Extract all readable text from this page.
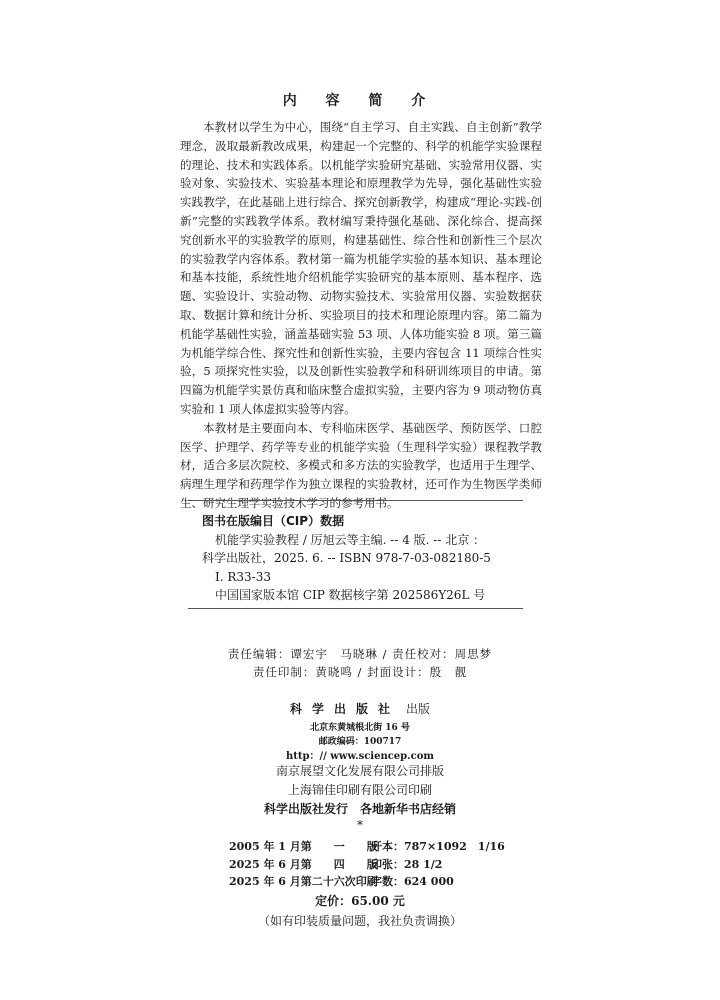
内 容 简 介

本教材以学生为中心，围绕“自主学习、自主实践、自主创新”教学理念，汲取最新教改成果，构建起一个完整的、科学的机能学实验课程的理论、技术和实践体系。以机能学实验研究基础、实验常用仪器、实验对象、实验技术、实验基本理论和原理教学为先导，强化基础性实验实践教学，在此基础上进行综合、探究创新教学，构建成“理论-实践-创新”完整的实践教学体系。教材编写秉持强化基础、深化综合、提高探究创新水平的实验教学的原则，构建基础性、综合性和创新性三个层次的实验教学内容体系。教材第一篇为机能学实验的基本知识、基本理论和基本技能，系统性地介绍机能学实验研究的基本原则、基本程序、选题、实验设计、实验动物、动物实验技术、实验常用仪器、实验数据获取、数据计算和统计分析、实验项目的技术和理论原理内容。第二篇为机能学基础性实验，涵盖基础实验 53 项、人体功能实验 8 项。第三篇为机能学综合性、探究性和创新性实验，主要内容包含 11 项综合性实验，5 项探究性实验，以及创新性实验教学和科研训练项目的申请。第四篇为机能学实景仿真和临床整合虚拟实验，主要内容为 9 项动物仿真实验和 1 项人体虚拟实验等内容。

本教材是主要面向本、专科临床医学、基础医学、预防医学、口腔医学、护理学、药学等专业的机能学实验（生理科学实验）课程教学教材，适合多层次院校、多模式和多方法的实验教学，也适用于生理学、病理生理学和药理学作为独立课程的实验教材，还可作为生物医学类师生、研究生理学实验技术学习的参考用书。

图书在版编目（CIP）数据
机能学实验教程 / 厉旭云等主编. -- 4 版. -- 北京 ：
科学出版社，2025. 6. -- ISBN 978-7-03-082180-5
Ⅰ. R33-33
中国国家版本馆 CIP 数据核字第 202586Y26L 号
责任编辑：谭宏宇　马晓琳 / 责任校对：周思梦
责任印制：黄晓鸣 / 封面设计：殷　靓
科学出版社 出版
北京东黄城根北街 16 号
邮政编码：100717
http：// www.sciencep.com
南京展望文化发展有限公司排版
上海锦佳印刷有限公司印刷
科学出版社发行　各地新华书店经销
*
2005 年 1 月第　　一　　版开本：787×1092　1/16
2025 年 6 月第　　四　　版印张：28 1/2
2025 年 6 月第二十六次印刷字数：624 000
定价：65.00 元
（如有印装质量问题，我社负责调换）
